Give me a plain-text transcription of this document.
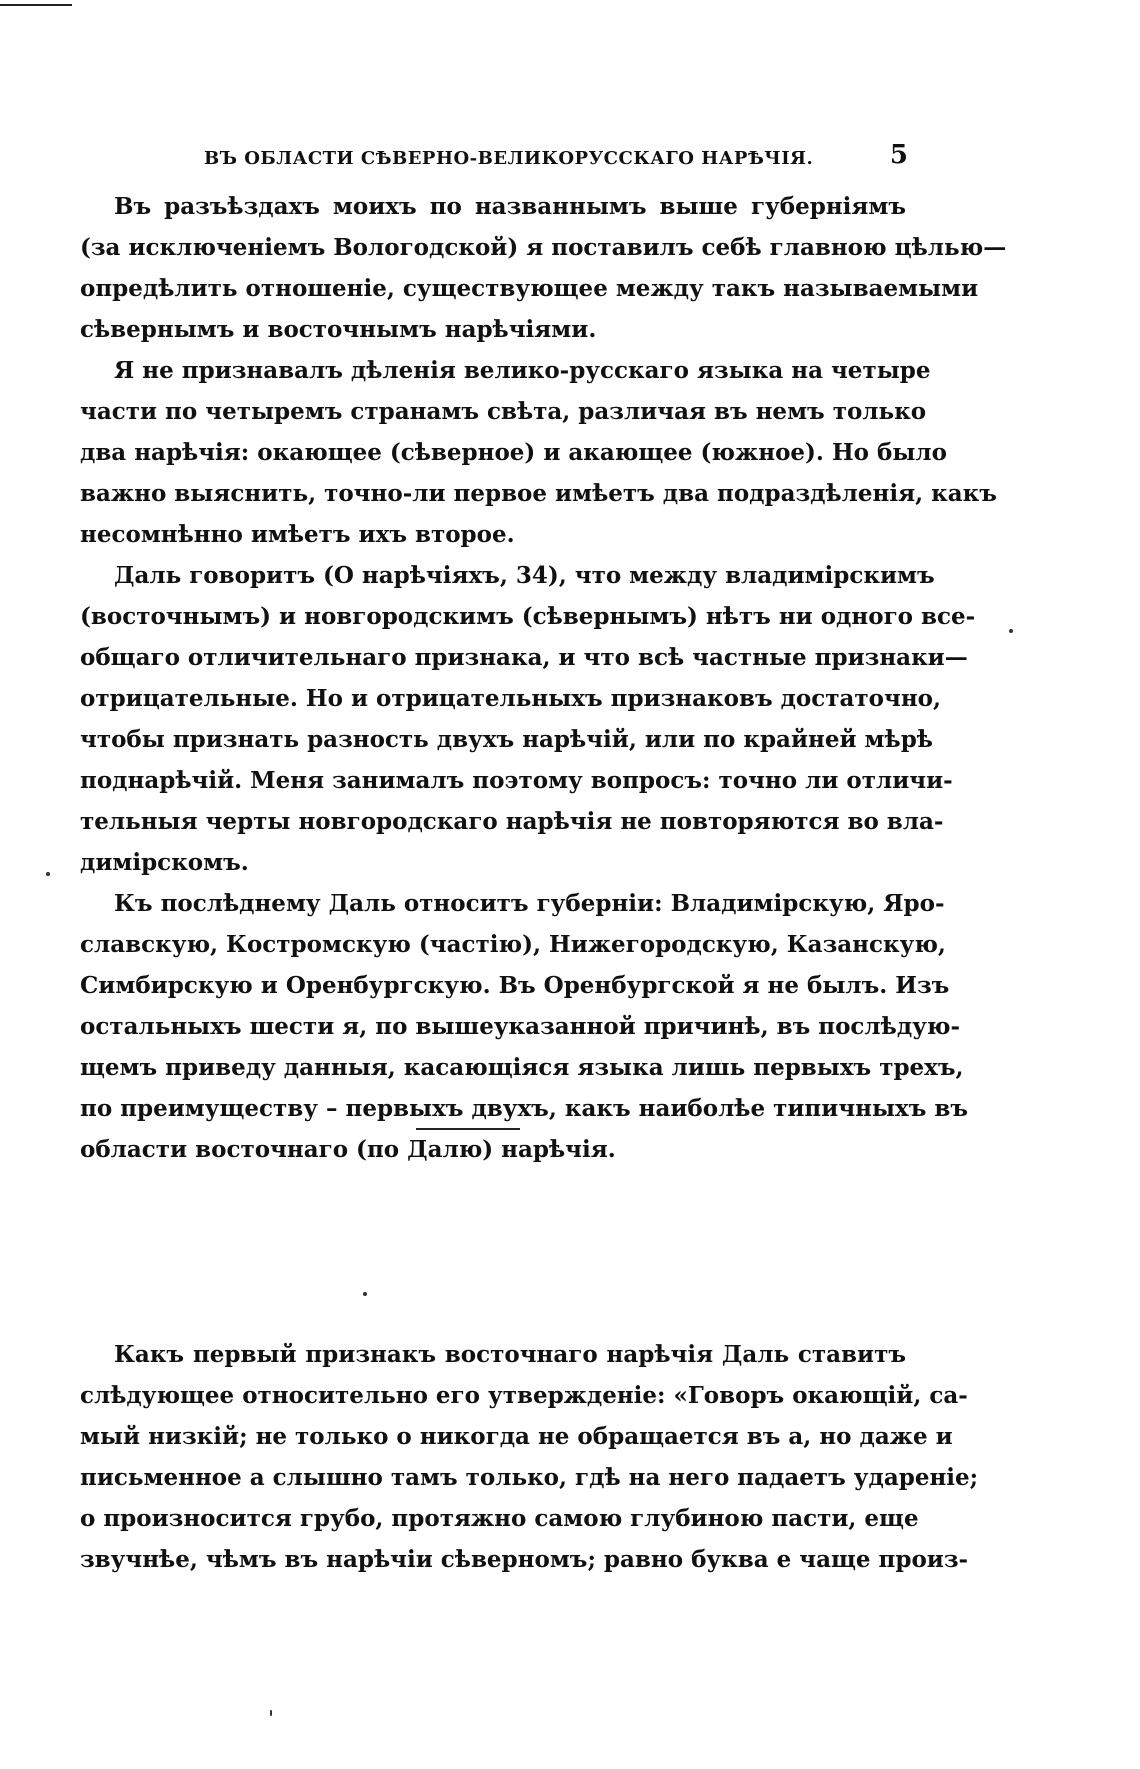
ВЪ ОБЛАСТИ СѢВЕРНО-ВЕЛИКОРУССКАГО НАРѢЧІЯ.	5
Въ разъѣздахъ моихъ по названнымъ выше губерніямъ
(за исключеніемъ Вологодской) я поставилъ себѣ главною цѣлью—
опредѣлить отношеніе, существующее между такъ называемыми
сѣвернымъ и восточнымъ нарѣчіями.
Я не признавалъ дѣленія велико-русскаго языка на четыре
части по четыремъ странамъ свѣта, различая въ немъ только
два нарѣчія: окающее (сѣверное) и акающее (южное). Но было
важно выяснить, точно-ли первое имѣетъ два подраздѣленія, какъ
несомнѣнно имѣетъ ихъ второе.
Даль говоритъ (О нарѣчіяхъ, 34), что между владимірскимъ
(восточнымъ) и новгородскимъ (сѣвернымъ) нѣтъ ни одного все-
общаго отличительнаго признака, и что всѣ частные признаки—
отрицательные. Но и отрицательныхъ признаковъ достаточно,
чтобы признать разность двухъ нарѣчій, или по крайней мѣрѣ
поднарѣчій. Меня занималъ поэтому вопросъ: точно ли отличи-
тельныя черты новгородскаго нарѣчія не повторяются во вла-
димірскомъ.
Къ послѣднему Даль относитъ губерніи: Владимірскую, Яро-
славскую, Костромскую (частію), Нижегородскую, Казанскую,
Симбирскую и Оренбургскую. Въ Оренбургской я не былъ. Изъ
остальныхъ шести я, по вышеуказанной причинѣ, въ послѣдую-
щемъ приведу данныя, касающіяся языка лишь первыхъ трехъ,
по преимуществу – первыхъ двухъ, какъ наиболѣе типичныхъ въ
области восточнаго (по Далю) нарѣчія.
Какъ первый признакъ восточнаго нарѣчія Даль ставитъ
слѣдующее относительно его утвержденіе: «Говоръ окающій, са-
мый низкій; не только о никогда не обращается въ а, но даже и
письменное а слышно тамъ только, гдѣ на него падаетъ удареніе;
о произносится грубо, протяжно самою глубиною пасти, еще
звучнѣе, чѣмъ въ нарѣчіи сѣверномъ; равно буква е чаще произ-
